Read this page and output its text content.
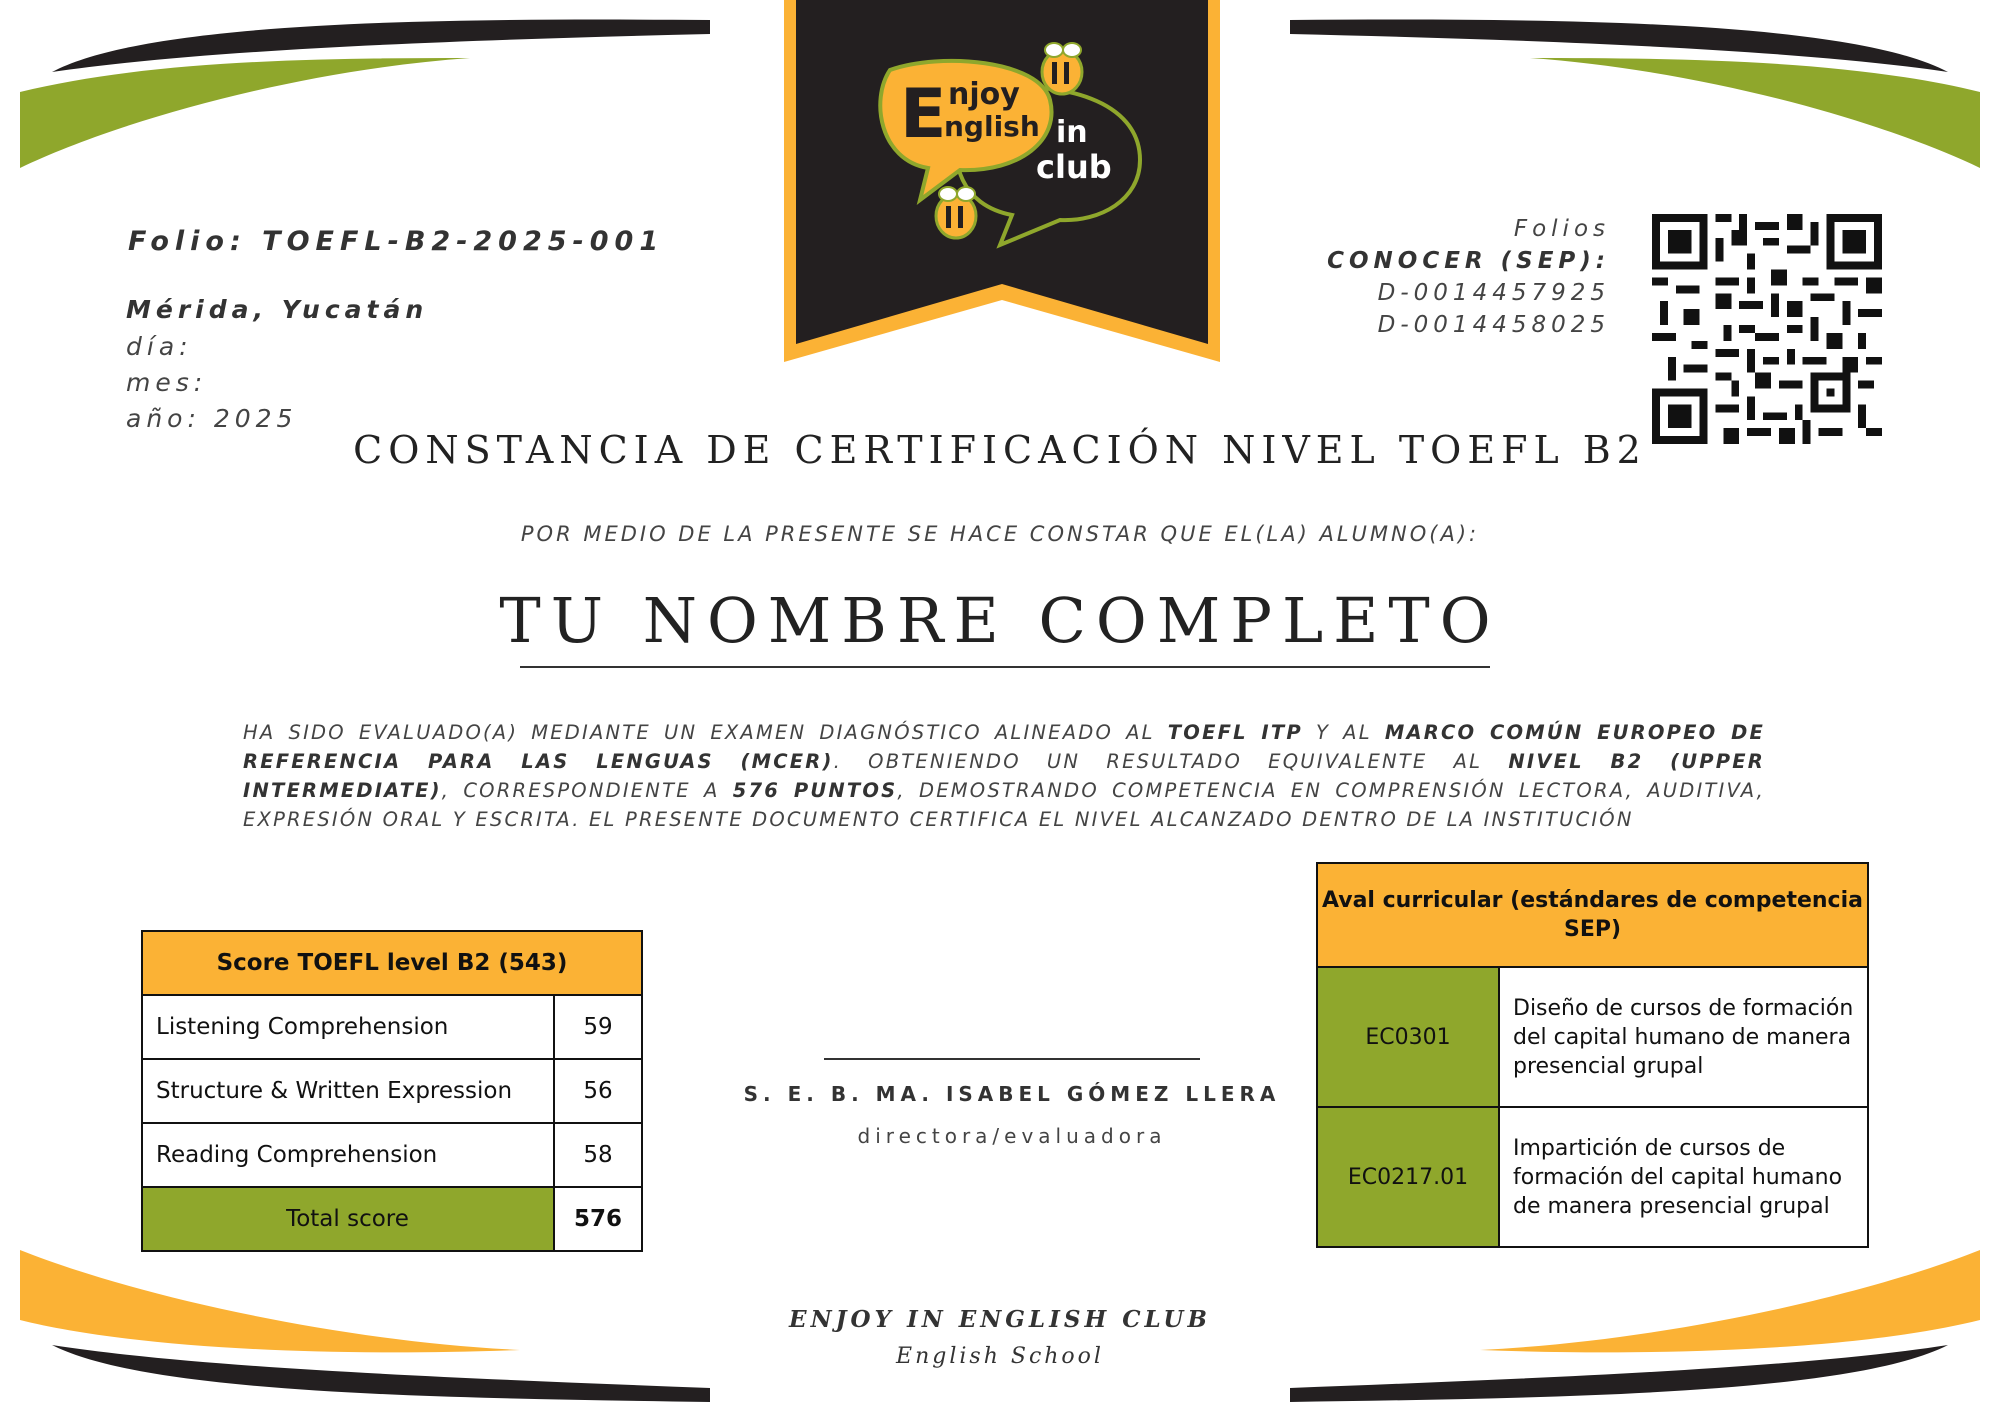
E njoy
nglish in
club
Folio: TOEFL-B2-2025-001
Mérida, Yucatán
día:
mes:
año: 2025
Folios
CONOCER (SEP):
D-0014457925
D-0014458025
CONSTANCIA DE CERTIFICACIÓN NIVEL TOEFL B2
POR MEDIO DE LA PRESENTE SE HACE CONSTAR QUE EL(LA) ALUMNO(A):
TU NOMBRE COMPLETO
HA SIDO EVALUADO(A) MEDIANTE UN EXAMEN DIAGNÓSTICO ALINEADO AL TOEFL ITP Y AL MARCO COMÚN EUROPEO DE REFERENCIA PARA LAS LENGUAS (MCER). OBTENIENDO UN RESULTADO EQUIVALENTE AL NIVEL B2 (UPPER INTERMEDIATE), CORRESPONDIENTE A 576 PUNTOS, DEMOSTRANDO COMPETENCIA EN COMPRENSIÓN LECTORA, AUDITIVA, EXPRESIÓN ORAL Y ESCRITA. EL PRESENTE DOCUMENTO CERTIFICA EL NIVEL ALCANZADO DENTRO DE LA INSTITUCIÓN
Score TOEFL level B2 (543)	
Listening Comprehension	59
Structure & Written Expression	56
Reading Comprehension	58
Total score	576
S. E. B. MA. ISABEL GÓMEZ LLERA
directora/evaluadora
Aval curricular (estándares de competencia SEP)	
EC0301	Diseño de cursos de formación del capital humano de manera presencial grupal
EC0217.01	Impartición de cursos de formación del capital humano de manera presencial grupal
ENJOY IN ENGLISH CLUB
English School
